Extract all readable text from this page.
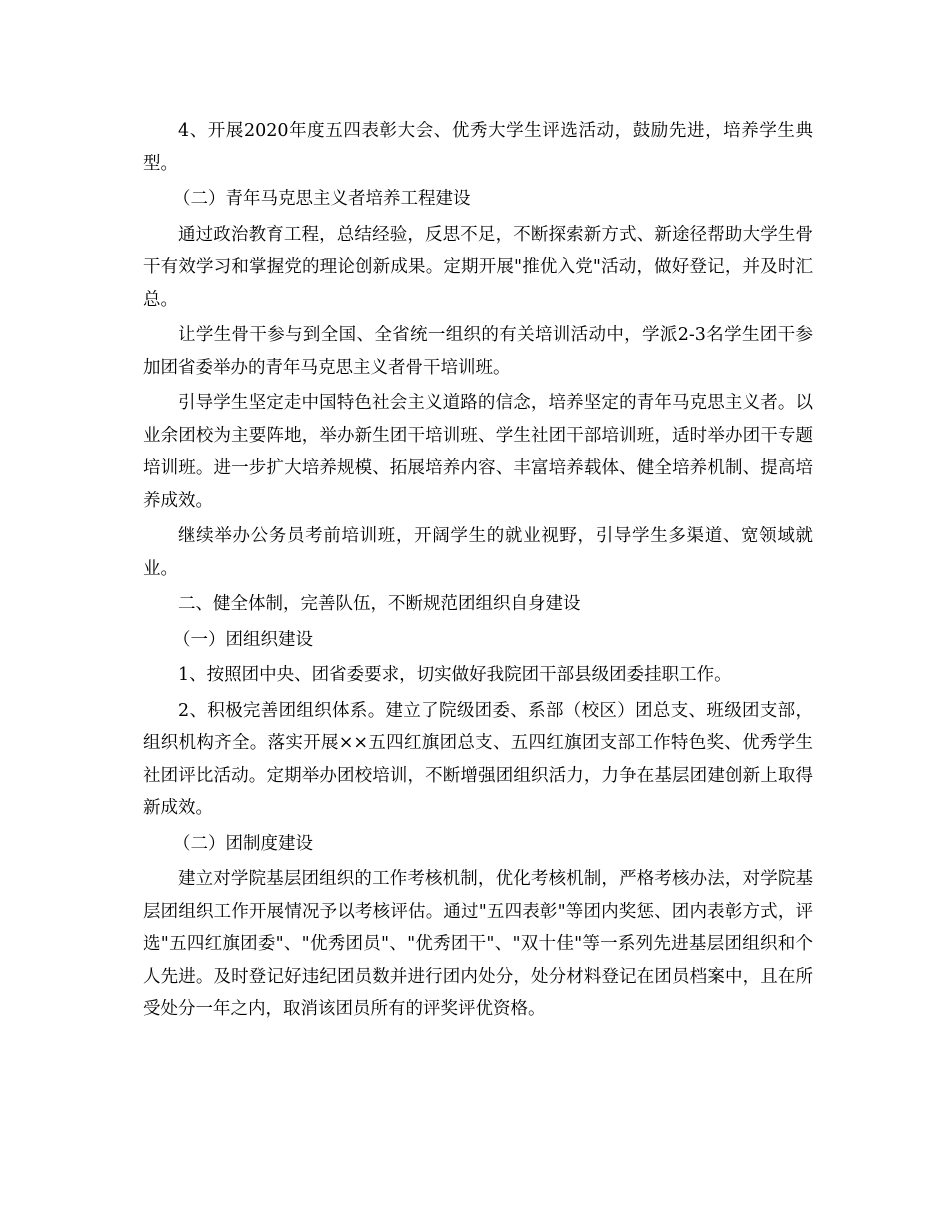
4、开展2020年度五四表彰大会、优秀大学生评选活动，鼓励先进，培养学生典型。

（二）青年马克思主义者培养工程建设

通过政治教育工程，总结经验，反思不足，不断探索新方式、新途径帮助大学生骨干有效学习和掌握党的理论创新成果。定期开展"推优入党"活动，做好登记，并及时汇总。

让学生骨干参与到全国、全省统一组织的有关培训活动中，学派2-3名学生团干参加团省委举办的青年马克思主义者骨干培训班。

引导学生坚定走中国特色社会主义道路的信念，培养坚定的青年马克思主义者。以业余团校为主要阵地，举办新生团干培训班、学生社团干部培训班，适时举办团干专题培训班。进一步扩大培养规模、拓展培养内容、丰富培养载体、健全培养机制、提高培养成效。

继续举办公务员考前培训班，开阔学生的就业视野，引导学生多渠道、宽领域就业。

二、健全体制，完善队伍，不断规范团组织自身建设

（一）团组织建设

1、按照团中央、团省委要求，切实做好我院团干部县级团委挂职工作。

2、积极完善团组织体系。建立了院级团委、系部（校区）团总支、班级团支部，组织机构齐全。落实开展××五四红旗团总支、五四红旗团支部工作特色奖、优秀学生社团评比活动。定期举办团校培训，不断增强团组织活力，力争在基层团建创新上取得新成效。

（二）团制度建设

建立对学院基层团组织的工作考核机制，优化考核机制，严格考核办法，对学院基层团组织工作开展情况予以考核评估。通过"五四表彰"等团内奖惩、团内表彰方式，评选"五四红旗团委"、"优秀团员"、"优秀团干"、"双十佳"等一系列先进基层团组织和个人先进。及时登记好违纪团员数并进行团内处分，处分材料登记在团员档案中，且在所受处分一年之内，取消该团员所有的评奖评优资格。
